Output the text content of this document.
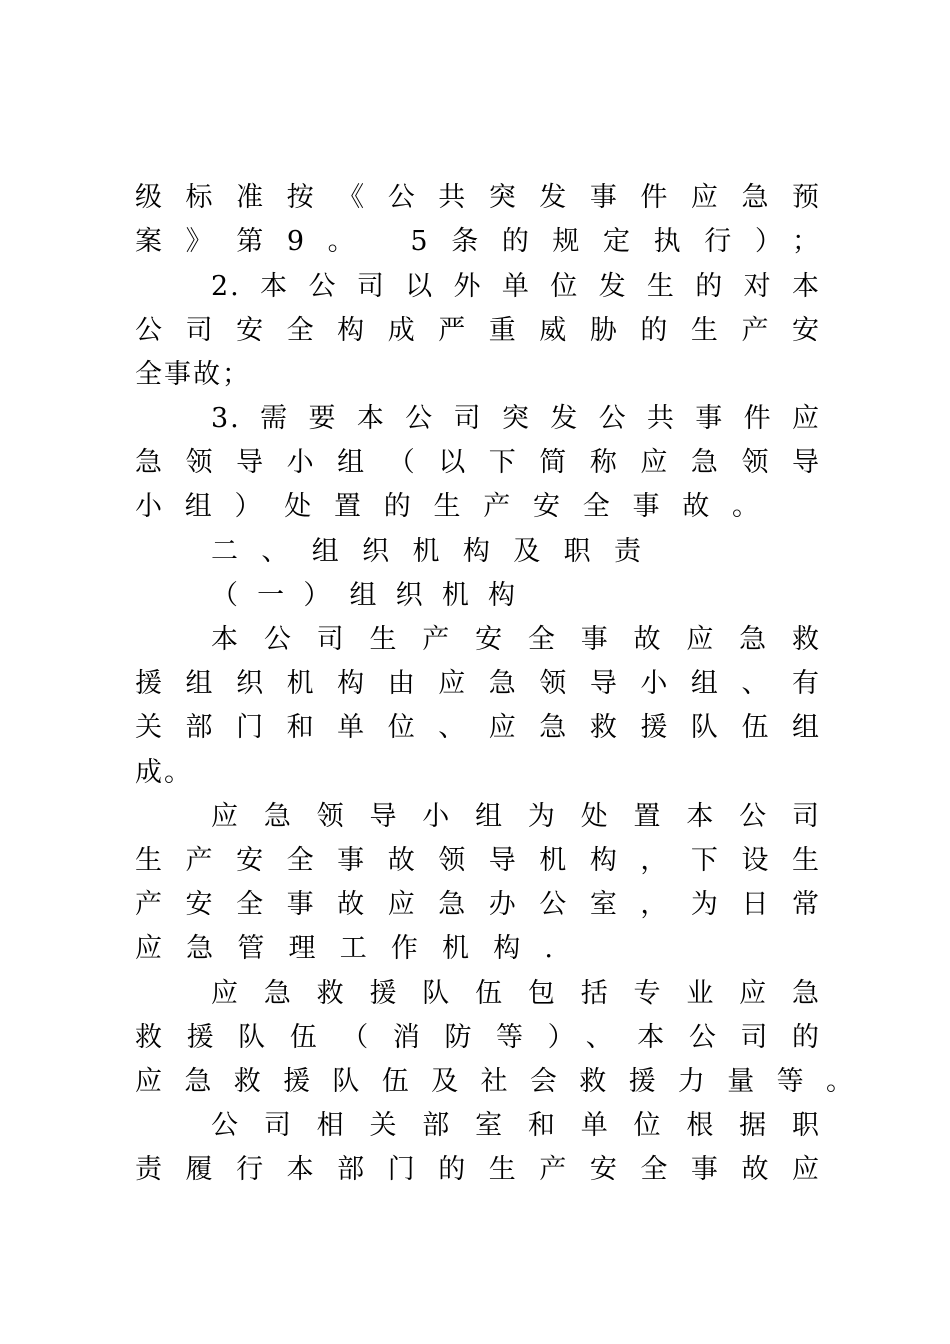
级标准按《公共突发事件应急预
案》第9。 5条的规定执行）；
2.本公司以外单位发生的对本
公司安全构成严重威胁的生产安
全事故；
3.需要本公司突发公共事件应
急领导小组（以下简称应急领导
小组）处置的生产安全事故。
二、组织机构及职责
（一）组织机构
本公司生产安全事故应急救
援组织机构由应急领导小组、有
关部门和单位、应急救援队伍组
成。
应急领导小组为处置本公司
生产安全事故领导机构，下设生
产安全事故应急办公室，为日常
应急管理工作机构.
应急救援队伍包括专业应急
救援队伍（消防等）、本公司的
应急救援队伍及社会救援力量等。
公司相关部室和单位根据职
责履行本部门的生产安全事故应
